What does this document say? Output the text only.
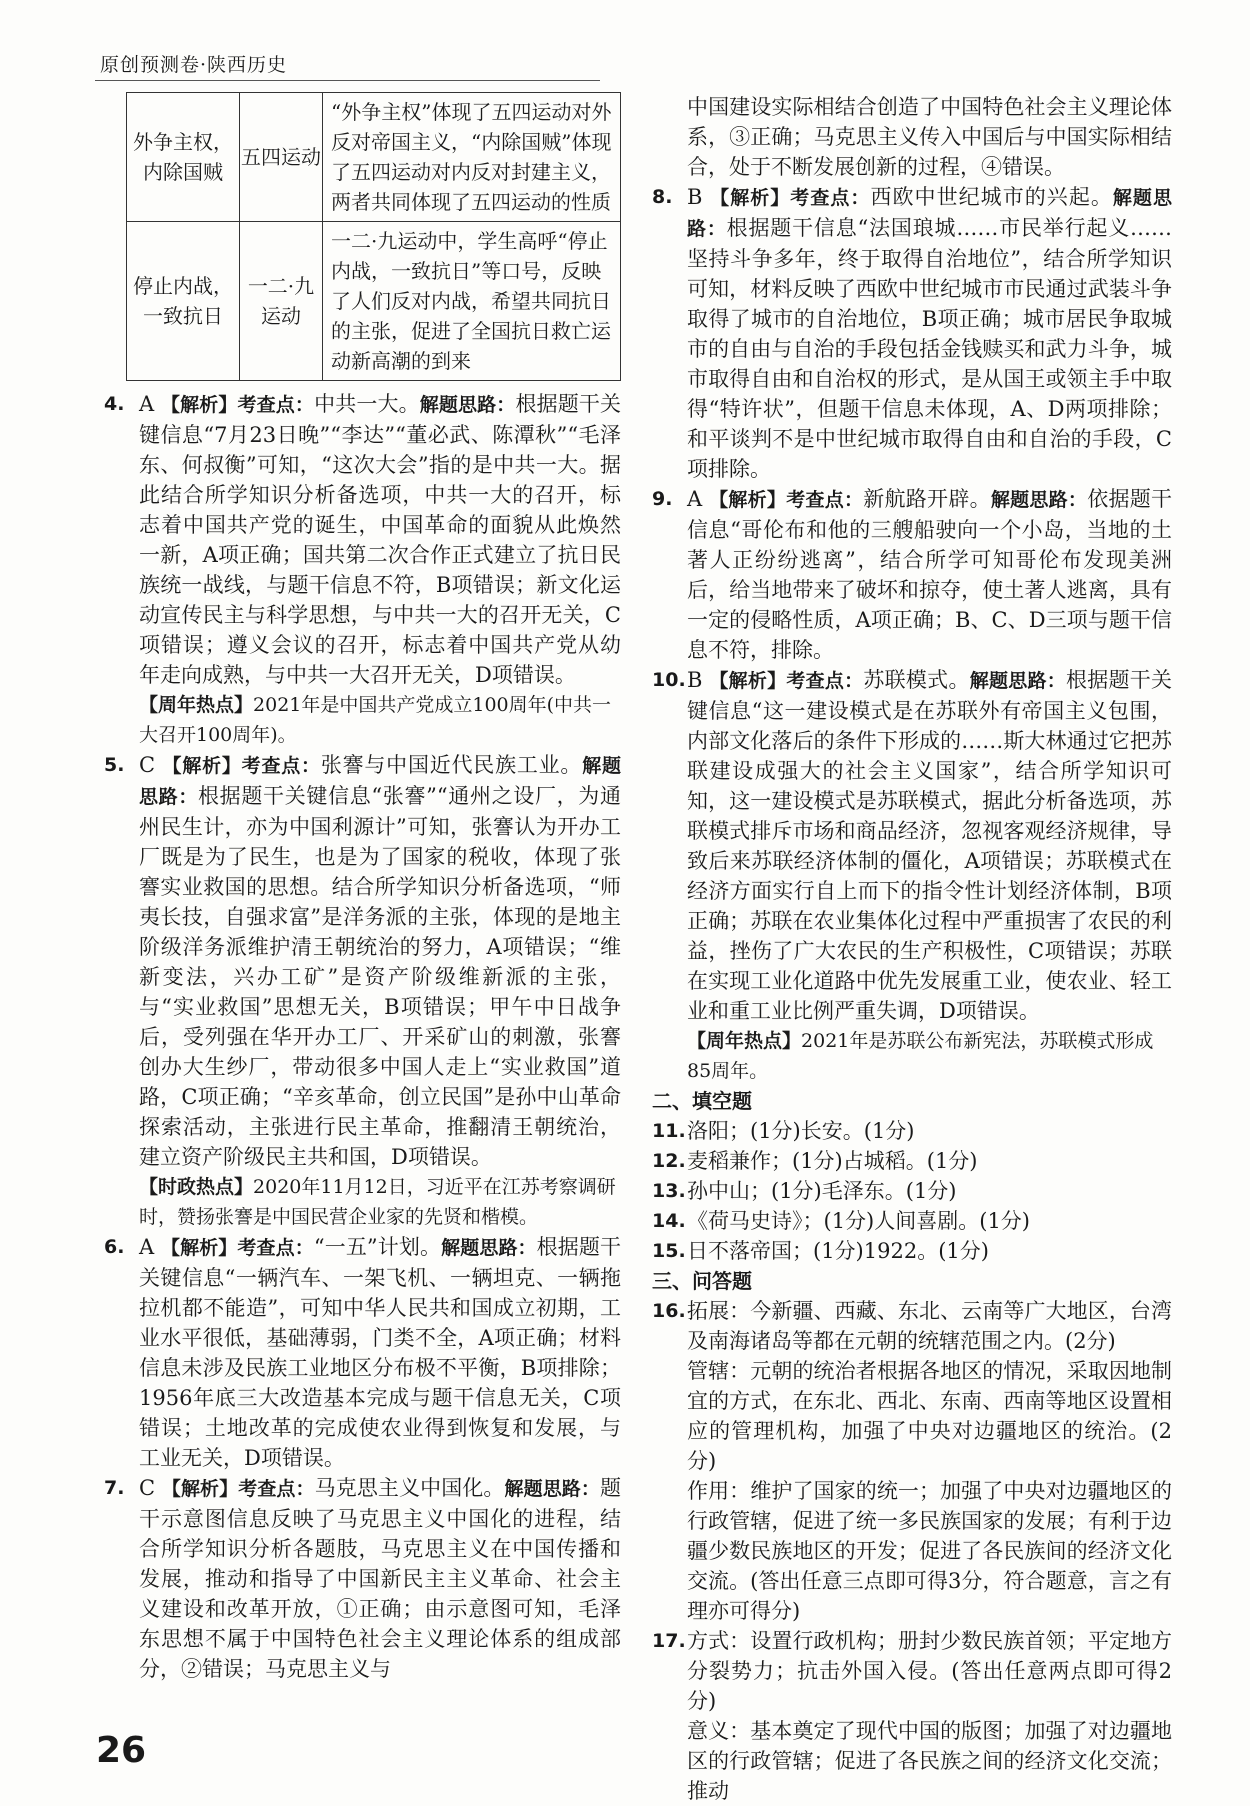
原创预测卷·陕西历史
外争主权，内除国贼	五四运动	“外争主权”体现了五四运动对外反对帝国主义，“内除国贼”体现了五四运动对内反对封建主义，两者共同体现了五四运动的性质
停止内战，一致抗日	一二·九运动	一二·九运动中，学生高呼“停止内战，一致抗日”等口号，反映了人们反对内战，希望共同抗日的主张，促进了全国抗日救亡运动新高潮的到来
4. A 【解析】考查点：中共一大。解题思路：根据题干关键信息“7月23日晚”“李达”“董必武、陈潭秋”“毛泽东、何叔衡”可知，“这次大会”指的是中共一大。据此结合所学知识分析备选项，中共一大的召开，标志着中国共产党的诞生，中国革命的面貌从此焕然一新，A项正确；国共第二次合作正式建立了抗日民族统一战线，与题干信息不符，B项错误；新文化运动宣传民主与科学思想，与中共一大的召开无关，C项错误；遵义会议的召开，标志着中国共产党从幼年走向成熟，与中共一大召开无关，D项错误。
【周年热点】2021年是中国共产党成立100周年(中共一大召开100周年)。
5. C 【解析】考查点：张謇与中国近代民族工业。解题思路：根据题干关键信息“张謇”“通州之设厂，为通州民生计，亦为中国利源计”可知，张謇认为开办工厂既是为了民生，也是为了国家的税收，体现了张謇实业救国的思想。结合所学知识分析备选项，“师夷长技，自强求富”是洋务派的主张，体现的是地主阶级洋务派维护清王朝统治的努力，A项错误；“维新变法，兴办工矿”是资产阶级维新派的主张，与“实业救国”思想无关，B项错误；甲午中日战争后，受列强在华开办工厂、开采矿山的刺激，张謇创办大生纱厂，带动很多中国人走上“实业救国”道路，C项正确；“辛亥革命，创立民国”是孙中山革命探索活动，主张进行民主革命，推翻清王朝统治，建立资产阶级民主共和国，D项错误。
【时政热点】2020年11月12日，习近平在江苏考察调研时，赞扬张謇是中国民营企业家的先贤和楷模。
6. A 【解析】考查点：“一五”计划。解题思路：根据题干关键信息“一辆汽车、一架飞机、一辆坦克、一辆拖拉机都不能造”，可知中华人民共和国成立初期，工业水平很低，基础薄弱，门类不全，A项正确；材料信息未涉及民族工业地区分布极不平衡，B项排除；1956年底三大改造基本完成与题干信息无关，C项错误；土地改革的完成使农业得到恢复和发展，与工业无关，D项错误。
7. C 【解析】考查点：马克思主义中国化。解题思路：题干示意图信息反映了马克思主义中国化的进程，结合所学知识分析各题肢，马克思主义在中国传播和发展，推动和指导了中国新民主主义革命、社会主义建设和改革开放，①正确；由示意图可知，毛泽东思想不属于中国特色社会主义理论体系的组成部分，②错误；马克思主义与
中国建设实际相结合创造了中国特色社会主义理论体系，③正确；马克思主义传入中国后与中国实际相结合，处于不断发展创新的过程，④错误。
8. B 【解析】考查点：西欧中世纪城市的兴起。解题思路：根据题干信息“法国琅城……市民举行起义……坚持斗争多年，终于取得自治地位”，结合所学知识可知，材料反映了西欧中世纪城市市民通过武装斗争取得了城市的自治地位，B项正确；城市居民争取城市的自由与自治的手段包括金钱赎买和武力斗争，城市取得自由和自治权的形式，是从国王或领主手中取得“特许状”，但题干信息未体现，A、D两项排除；和平谈判不是中世纪城市取得自由和自治的手段，C项排除。
9. A 【解析】考查点：新航路开辟。解题思路：依据题干信息“哥伦布和他的三艘船驶向一个小岛，当地的土著人正纷纷逃离”，结合所学可知哥伦布发现美洲后，给当地带来了破坏和掠夺，使土著人逃离，具有一定的侵略性质，A项正确；B、C、D三项与题干信息不符，排除。
10. B 【解析】考查点：苏联模式。解题思路：根据题干关键信息“这一建设模式是在苏联外有帝国主义包围，内部文化落后的条件下形成的……斯大林通过它把苏联建设成强大的社会主义国家”，结合所学知识可知，这一建设模式是苏联模式，据此分析备选项，苏联模式排斥市场和商品经济，忽视客观经济规律，导致后来苏联经济体制的僵化，A项错误；苏联模式在经济方面实行自上而下的指令性计划经济体制，B项正确；苏联在农业集体化过程中严重损害了农民的利益，挫伤了广大农民的生产积极性，C项错误；苏联在实现工业化道路中优先发展重工业，使农业、轻工业和重工业比例严重失调，D项错误。
【周年热点】2021年是苏联公布新宪法，苏联模式形成85周年。
二、填空题
11. 洛阳；(1分)长安。(1分)
12. 麦稻兼作；(1分)占城稻。(1分)
13. 孙中山；(1分)毛泽东。(1分)
14. 《荷马史诗》；(1分)人间喜剧。(1分)
15. 日不落帝国；(1分)1922。(1分)
三、问答题
16. 拓展：今新疆、西藏、东北、云南等广大地区，台湾及南海诸岛等都在元朝的统辖范围之内。(2分)
管辖：元朝的统治者根据各地区的情况，采取因地制宜的方式，在东北、西北、东南、西南等地区设置相应的管理机构，加强了中央对边疆地区的统治。(2分)
作用：维护了国家的统一；加强了中央对边疆地区的行政管辖，促进了统一多民族国家的发展；有利于边疆少数民族地区的开发；促进了各民族间的经济文化交流。(答出任意三点即可得3分，符合题意，言之有理亦可得分)
17. 方式：设置行政机构；册封少数民族首领；平定地方分裂势力；抗击外国入侵。(答出任意两点即可得2分)
意义：基本奠定了现代中国的版图；加强了对边疆地区的行政管辖；促进了各民族之间的经济文化交流；推动
26
